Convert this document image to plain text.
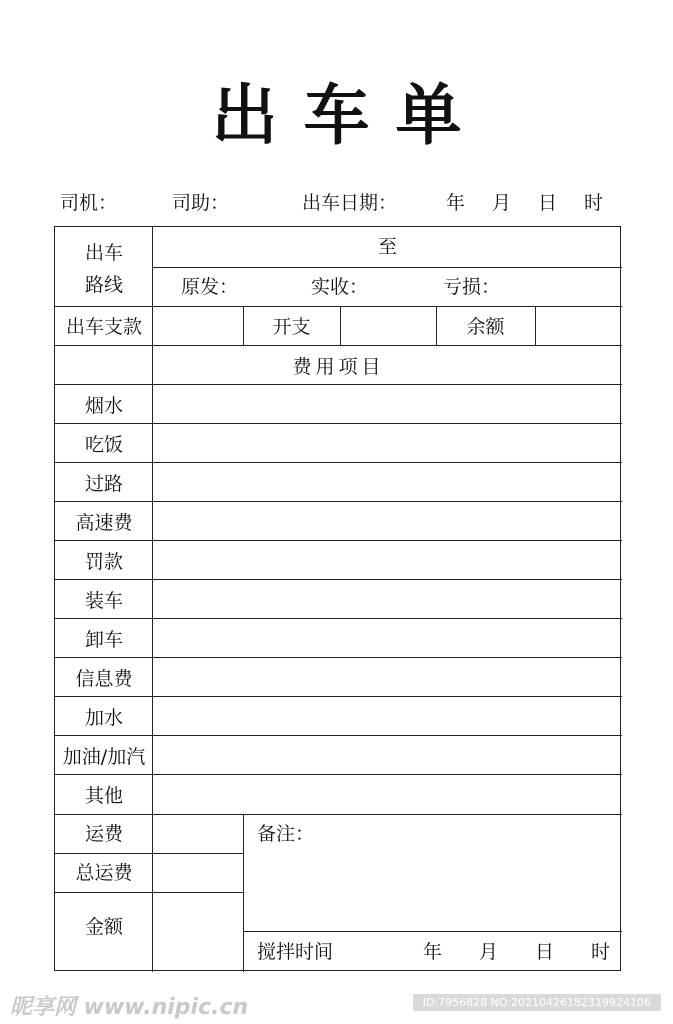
出车单
司机：	司助：	出车日期：	年 月 日 时
出车
路线
至
原发：	实收：	亏损：
出车支款	开支	余额
费用项目
烟水
吃饭
过路
高速费
罚款
装车
卸车
信息费
加水
加油/加汽
其他
运费
总运费
金额
备注：
搅拌时间	年 月 日 时
昵享网 www.nipic.cn	ID:7956828 NO:20210426182319924106
